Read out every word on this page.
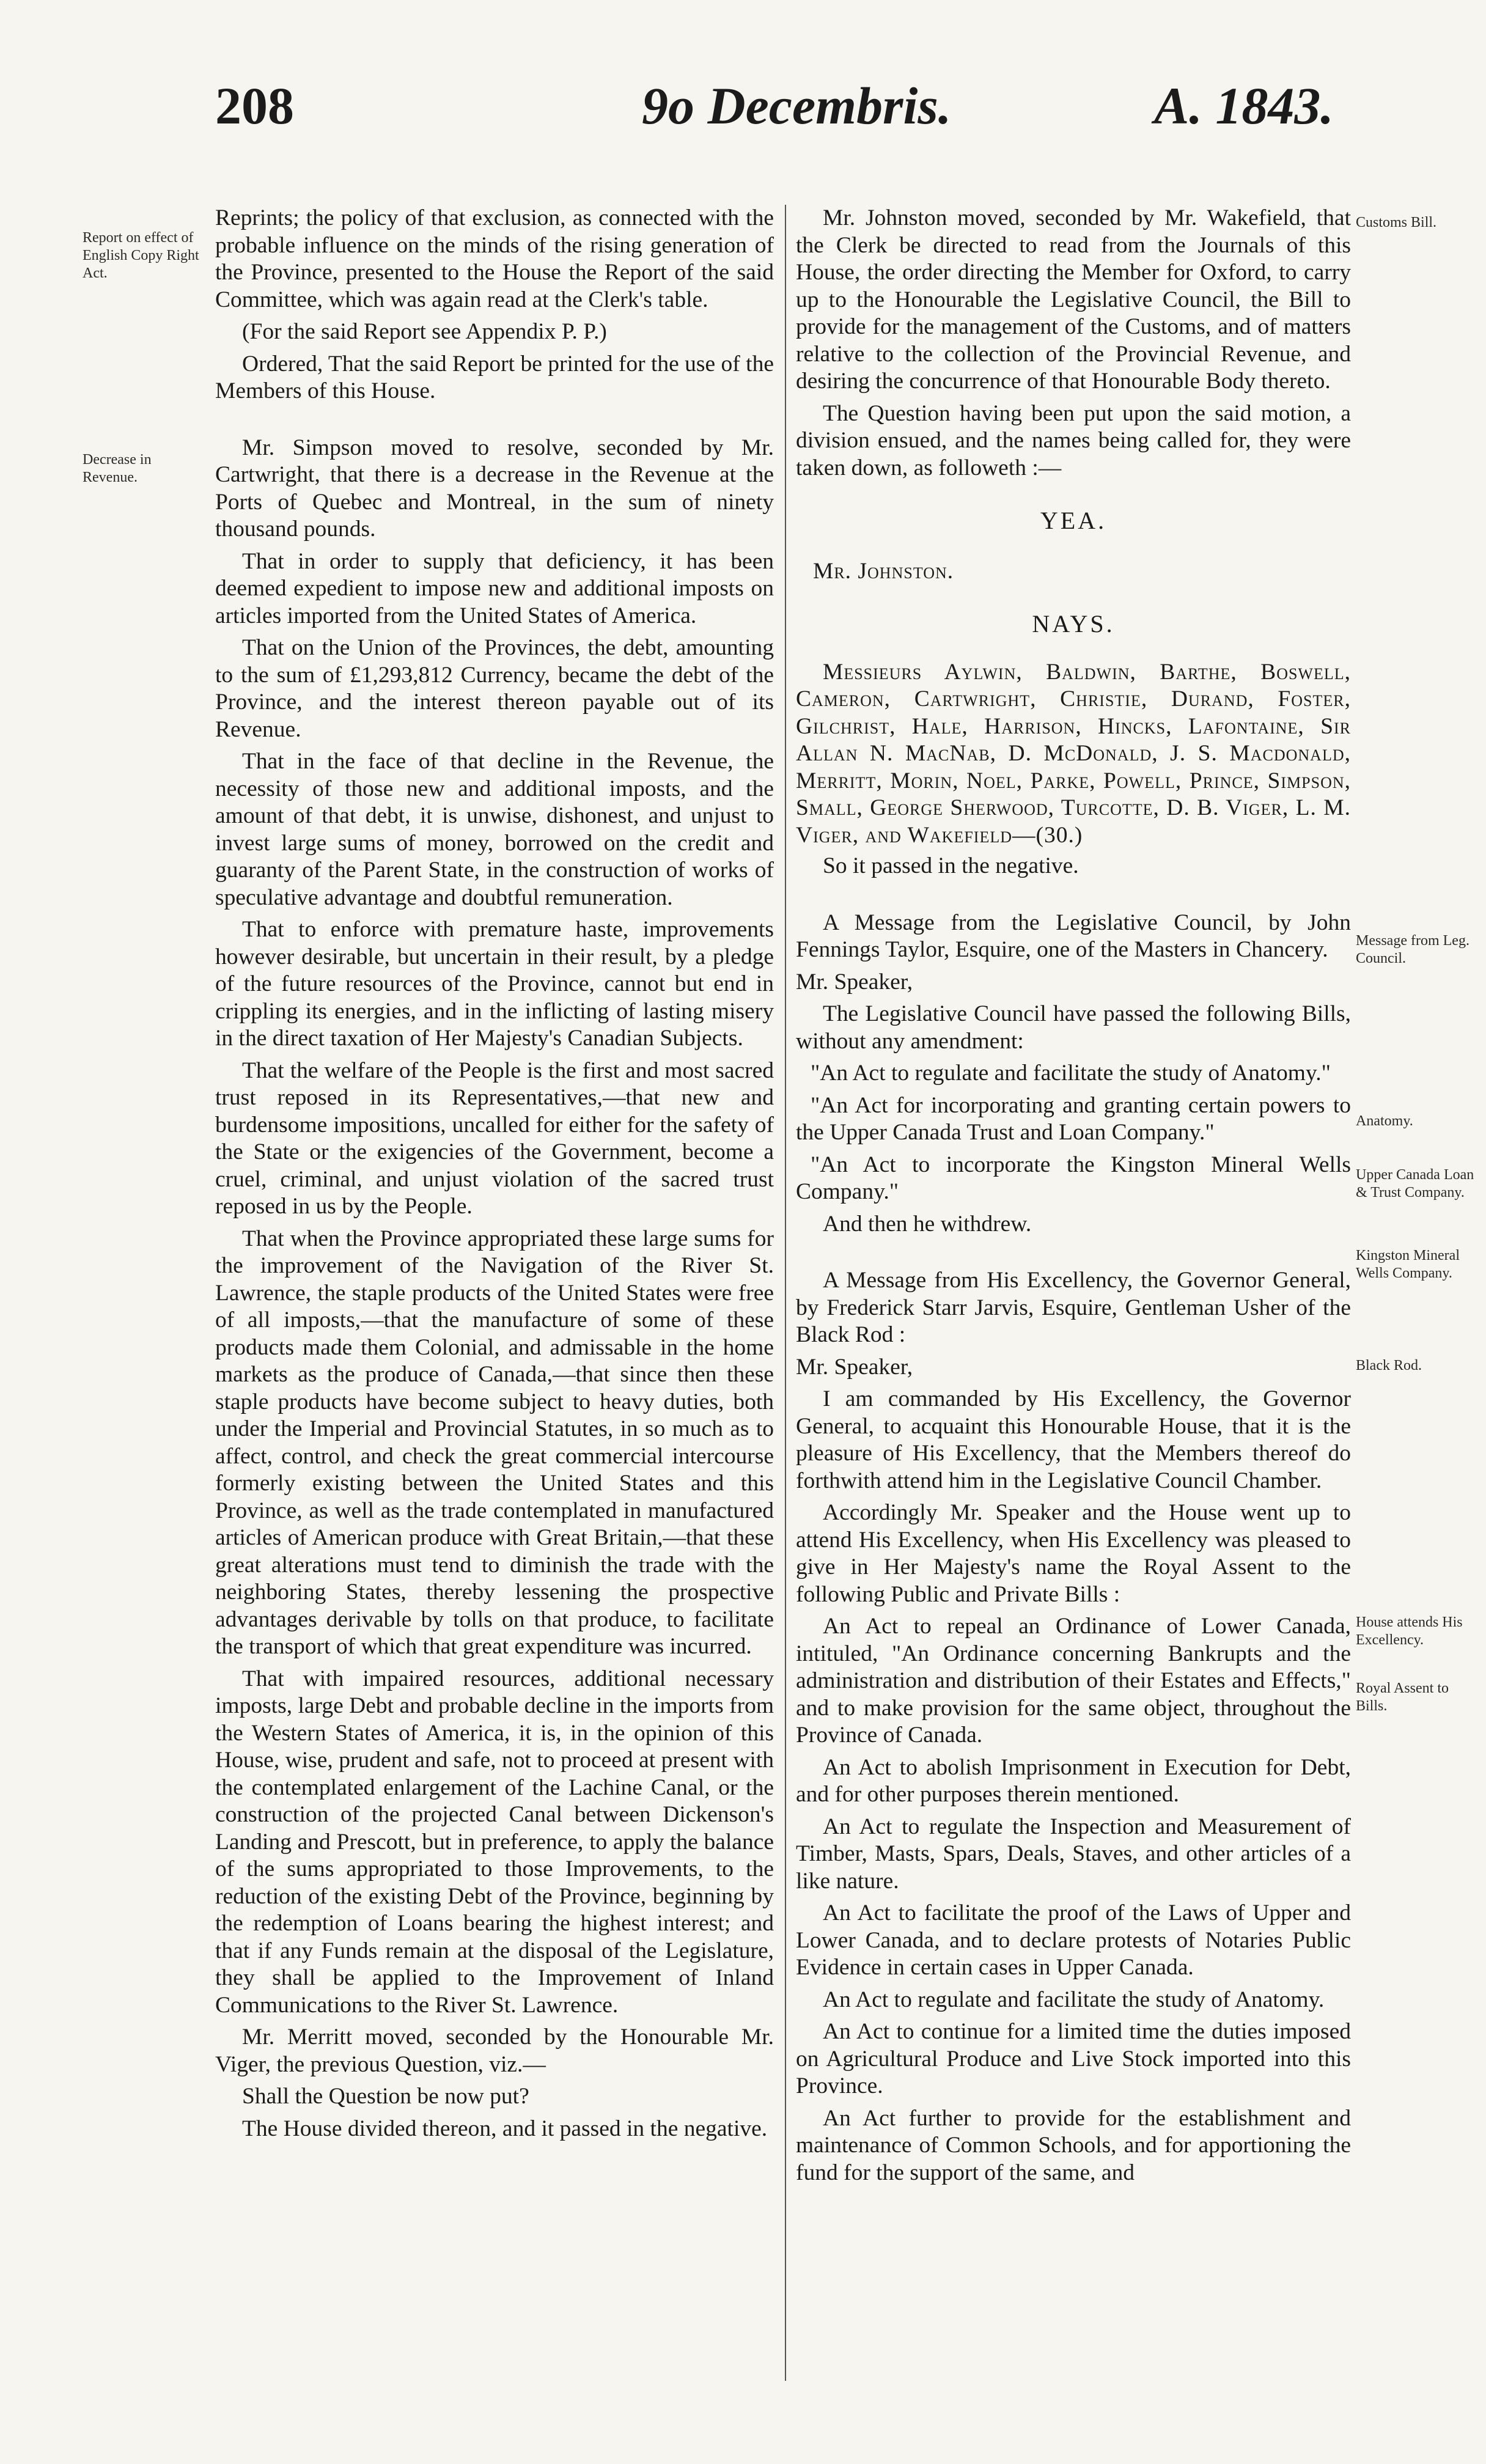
208	9o Decembris.	A. 1843.
Report on effect of English Copy Right Act.
Decrease in Revenue.
Customs Bill.
Message from Leg. Council.
Anatomy.
Upper Canada Loan & Trust Company.
Kingston Mineral Wells Company.
Black Rod.
House attends His Excellency.
Royal Assent to Bills.

Reprints; the policy of that exclusion, as connected with the probable influence on the minds of the rising generation of the Province, presented to the House the Report of the said Committee, which was again read at the Clerk's table.

(For the said Report see Appendix P. P.)

Ordered, That the said Report be printed for the use of the Members of this House.

Mr. Simpson moved to resolve, seconded by Mr. Cartwright, that there is a decrease in the Revenue at the Ports of Quebec and Montreal, in the sum of ninety thousand pounds.

That in order to supply that deficiency, it has been deemed expedient to impose new and additional imposts on articles imported from the United States of America.

That on the Union of the Provinces, the debt, amounting to the sum of £1,293,812 Currency, became the debt of the Province, and the interest thereon payable out of its Revenue.

That in the face of that decline in the Revenue, the necessity of those new and additional imposts, and the amount of that debt, it is unwise, dishonest, and unjust to invest large sums of money, borrowed on the credit and guaranty of the Parent State, in the construction of works of speculative advantage and doubtful remuneration.

That to enforce with premature haste, improvements however desirable, but uncertain in their result, by a pledge of the future resources of the Province, cannot but end in crippling its energies, and in the inflicting of lasting misery in the direct taxation of Her Majesty's Canadian Subjects.

That the welfare of the People is the first and most sacred trust reposed in its Representatives,—that new and burdensome impositions, uncalled for either for the safety of the State or the exigencies of the Government, become a cruel, criminal, and unjust violation of the sacred trust reposed in us by the People.

That when the Province appropriated these large sums for the improvement of the Navigation of the River St. Lawrence, the staple products of the United States were free of all imposts,—that the manufacture of some of these products made them Colonial, and admissable in the home markets as the produce of Canada,—that since then these staple products have become subject to heavy duties, both under the Imperial and Provincial Statutes, in so much as to affect, control, and check the great commercial intercourse formerly existing between the United States and this Province, as well as the trade contemplated in manufactured articles of American produce with Great Britain,—that these great alterations must tend to diminish the trade with the neighboring States, thereby lessening the prospective advantages derivable by tolls on that produce, to facilitate the transport of which that great expenditure was incurred.

That with impaired resources, additional necessary imposts, large Debt and probable decline in the imports from the Western States of America, it is, in the opinion of this House, wise, prudent and safe, not to proceed at present with the contemplated enlargement of the Lachine Canal, or the construction of the projected Canal between Dickenson's Landing and Prescott, but in preference, to apply the balance of the sums appropriated to those Improvements, to the reduction of the existing Debt of the Province, beginning by the redemption of Loans bearing the highest interest; and that if any Funds remain at the disposal of the Legislature, they shall be applied to the Improvement of Inland Communications to the River St. Lawrence.

Mr. Merritt moved, seconded by the Honourable Mr. Viger, the previous Question, viz.—

Shall the Question be now put?

The House divided thereon, and it passed in the negative.

Mr. Johnston moved, seconded by Mr. Wakefield, that the Clerk be directed to read from the Journals of this House, the order directing the Member for Oxford, to carry up to the Honourable the Legislative Council, the Bill to provide for the management of the Customs, and of matters relative to the collection of the Provincial Revenue, and desiring the concurrence of that Honourable Body thereto.

The Question having been put upon the said motion, a division ensued, and the names being called for, they were taken down, as followeth :—

YEA.

Mr. Johnston.

NAYS.

Messieurs Aylwin, Baldwin, Barthe, Boswell, Cameron, Cartwright, Christie, Durand, Foster, Gilchrist, Hale, Harrison, Hincks, Lafontaine, Sir Allan N. MacNab, D. McDonald, J. S. Macdonald, Merritt, Morin, Noel, Parke, Powell, Prince, Simpson, Small, George Sherwood, Turcotte, D. B. Viger, L. M. Viger, and Wakefield—(30.)

So it passed in the negative.

A Message from the Legislative Council, by John Fennings Taylor, Esquire, one of the Masters in Chancery.

Mr. Speaker,

The Legislative Council have passed the following Bills, without any amendment:

"An Act to regulate and facilitate the study of Anatomy."

"An Act for incorporating and granting certain powers to the Upper Canada Trust and Loan Company."

"An Act to incorporate the Kingston Mineral Wells Company."

And then he withdrew.

A Message from His Excellency, the Governor General, by Frederick Starr Jarvis, Esquire, Gentleman Usher of the Black Rod :

Mr. Speaker,

I am commanded by His Excellency, the Governor General, to acquaint this Honourable House, that it is the pleasure of His Excellency, that the Members thereof do forthwith attend him in the Legislative Council Chamber.

Accordingly Mr. Speaker and the House went up to attend His Excellency, when His Excellency was pleased to give in Her Majesty's name the Royal Assent to the following Public and Private Bills :

An Act to repeal an Ordinance of Lower Canada, intituled, "An Ordinance concerning Bankrupts and the administration and distribution of their Estates and Effects," and to make provision for the same object, throughout the Province of Canada.

An Act to abolish Imprisonment in Execution for Debt, and for other purposes therein mentioned.

An Act to regulate the Inspection and Measurement of Timber, Masts, Spars, Deals, Staves, and other articles of a like nature.

An Act to facilitate the proof of the Laws of Upper and Lower Canada, and to declare protests of Notaries Public Evidence in certain cases in Upper Canada.

An Act to regulate and facilitate the study of Anatomy.

An Act to continue for a limited time the duties imposed on Agricultural Produce and Live Stock imported into this Province.

An Act further to provide for the establishment and maintenance of Common Schools, and for apportioning the fund for the support of the same, and
